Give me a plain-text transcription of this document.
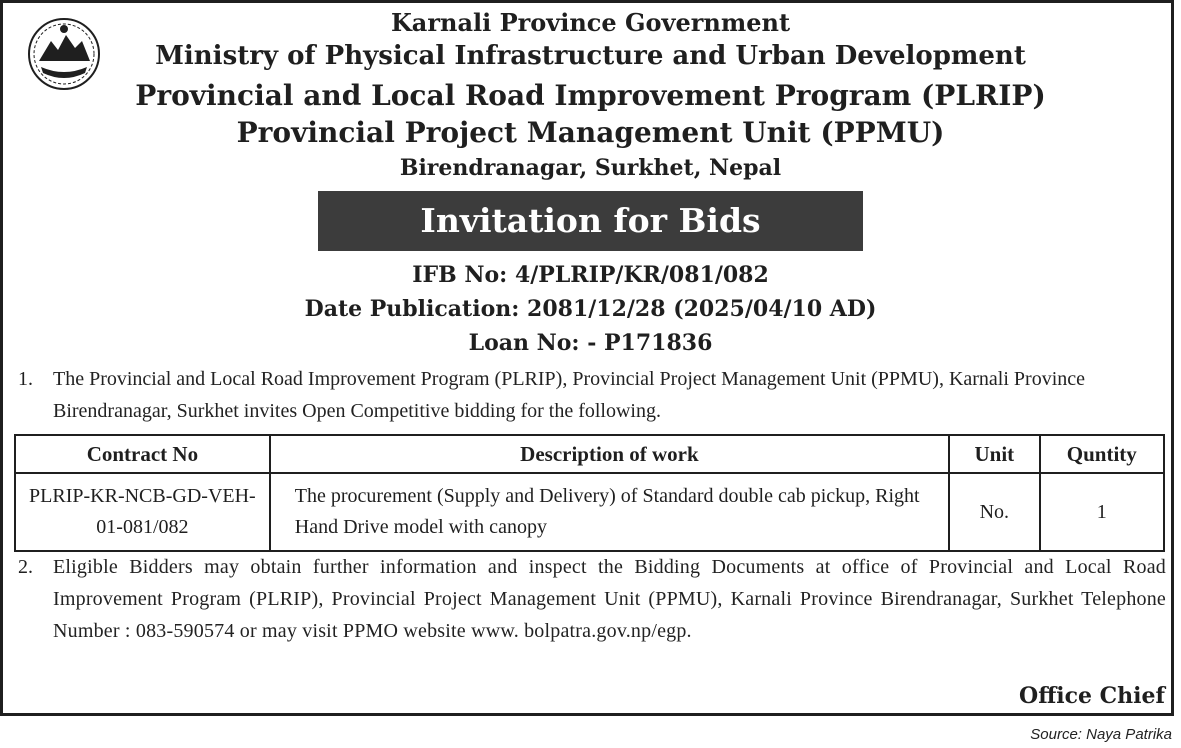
Karnali Province Government
Ministry of Physical Infrastructure and Urban Development
Provincial and Local Road Improvement Program (PLRIP)
Provincial Project Management Unit (PPMU)
Birendranagar, Surkhet, Nepal
Invitation for Bids
IFB No: 4/PLRIP/KR/081/082
Date Publication: 2081/12/28 (2025/04/10 AD)
Loan No: - P171836
1. The Provincial and Local Road Improvement Program (PLRIP), Provincial Project Management Unit (PPMU), Karnali Province Birendranagar, Surkhet invites Open Competitive bidding for the following.
Contract No	Description of work	Unit	Quntity
PLRIP-KR-NCB-GD-VEH-01-081/082	The procurement (Supply and Delivery) of Standard double cab pickup, Right Hand Drive model with canopy	No.	1
2. Eligible Bidders may obtain further information and inspect the Bidding Documents at office of Provincial and Local Road Improvement Program (PLRIP), Provincial Project Management Unit (PPMU), Karnali Province Birendranagar, Surkhet Telephone Number : 083-590574 or may visit PPMO website www. bolpatra.gov.np/egp.
Office Chief
Source: Naya Patrika
